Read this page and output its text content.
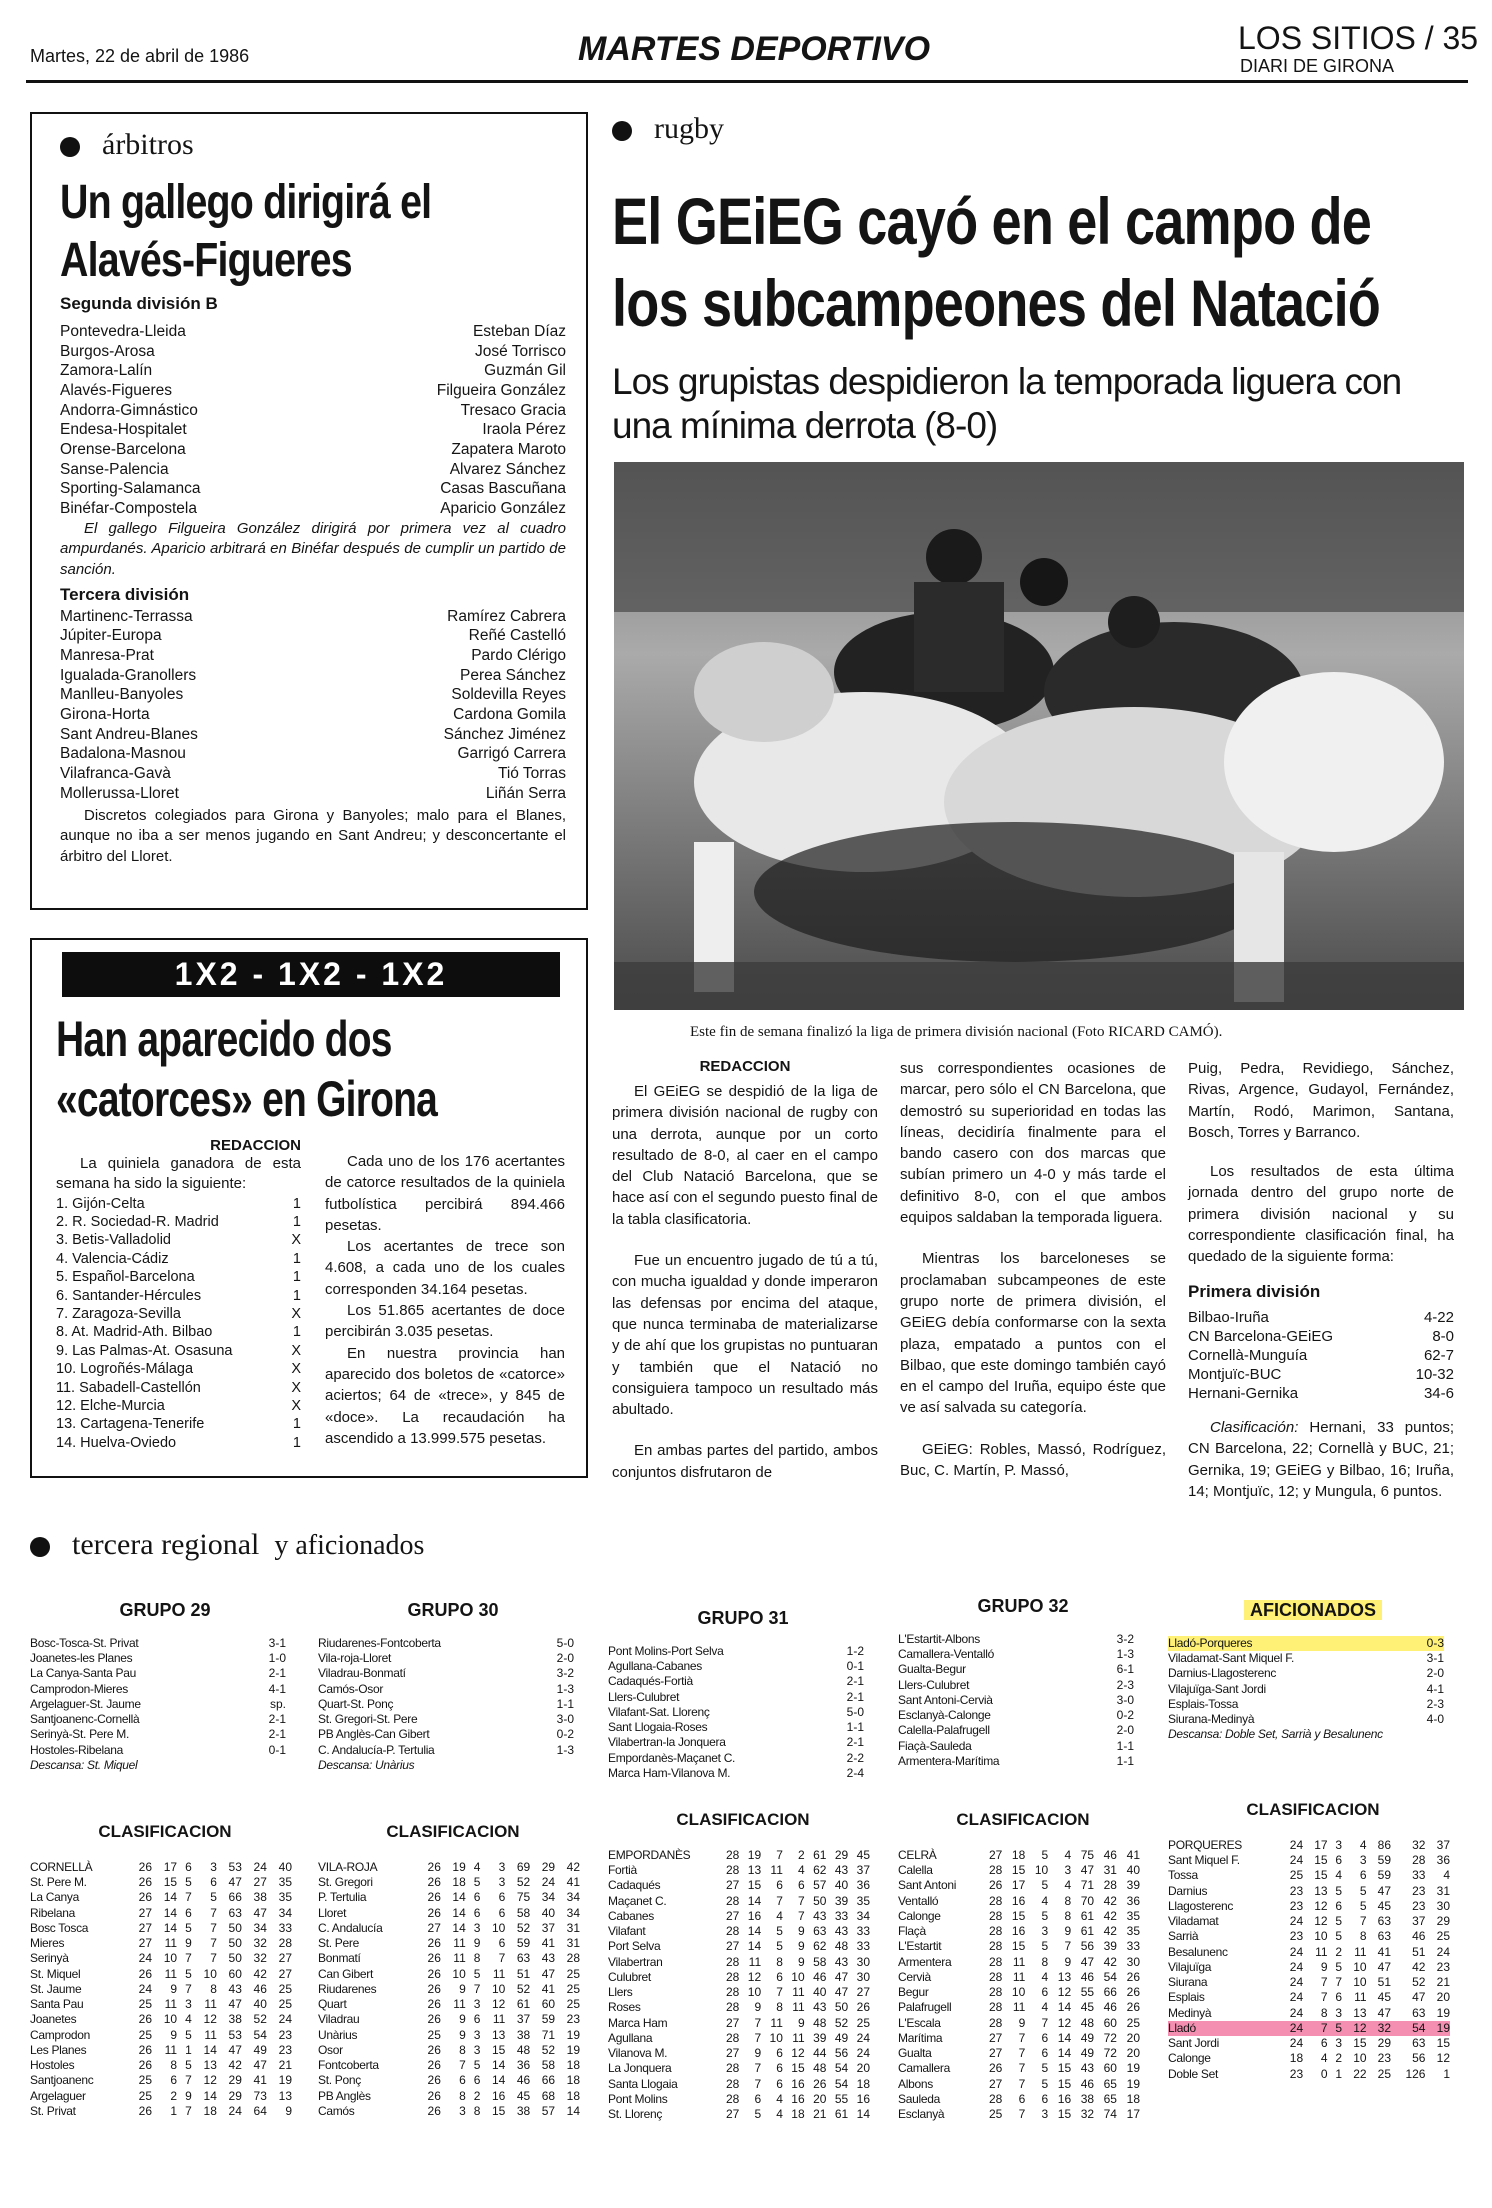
Martes, 22 de abril de 1986	MARTES DEPORTIVO	LOS SITIOS / 35
DIARI DE GIRONA
árbitros
Un gallego dirigirá el Alavés-Figueres
Segunda división B
Pontevedra-Lleida	Esteban Díaz
Burgos-Arosa	José Torrisco
Zamora-Lalín	Guzmán Gil
Alavés-Figueres	Filgueira González
Andorra-Gimnástico	Tresaco Gracia
Endesa-Hospitalet	Iraola Pérez
Orense-Barcelona	Zapatera Maroto
Sanse-Palencia	Alvarez Sánchez
Sporting-Salamanca	Casas Bascuñana
Binéfar-Compostela	Aparicio González
El gallego Filgueira González dirigirá por primera vez al cuadro ampurdanés. Aparicio arbitrará en Binéfar después de cumplir un partido de sanción.
Tercera división
Martinenc-Terrassa	Ramírez Cabrera
Júpiter-Europa	Reñé Castelló
Manresa-Prat	Pardo Clérigo
Igualada-Granollers	Perea Sánchez
Manlleu-Banyoles	Soldevilla Reyes
Girona-Horta	Cardona Gomila
Sant Andreu-Blanes	Sánchez Jiménez
Badalona-Masnou	Garrigó Carrera
Vilafranca-Gavà	Tió Torras
Mollerussa-Lloret	Liñán Serra
Discretos colegiados para Girona y Banyoles; malo para el Blanes, aunque no iba a ser menos jugando en Sant Andreu; y desconcertante el árbitro del Lloret.
1X2 - 1X2 - 1X2
Han aparecido dos «catorces» en Girona
REDACCION
La quiniela ganadora de esta semana ha sido la siguiente:
1. Gijón-Celta	1
2. R. Sociedad-R. Madrid	1
3. Betis-Valladolid	X
4. Valencia-Cádiz	1
5. Español-Barcelona	1
6. Santander-Hércules	1
7. Zaragoza-Sevilla	X
8. At. Madrid-Ath. Bilbao	1
9. Las Palmas-At. Osasuna	X
10. Logroñés-Málaga	X
11. Sabadell-Castellón	X
12. Elche-Murcia	X
13. Cartagena-Tenerife	1
14. Huelva-Oviedo	1
Cada uno de los 176 acertantes de catorce resultados de la quiniela futbolística percibirá 894.466 pesetas.
Los acertantes de trece son 4.608, a cada uno de los cuales corresponden 34.164 pesetas.
Los 51.865 acertantes de doce percibirán 3.035 pesetas.
En nuestra provincia han aparecido dos boletos de «catorce» aciertos; 64 de «trece», y 845 de «doce». La recaudación ha ascendido a 13.999.575 pesetas.
rugby
El GEiEG cayó en el campo de los subcampeones del Natació
Los grupistas despidieron la temporada liguera con una mínima derrota (8-0)
Este fin de semana finalizó la liga de primera división nacional (Foto RICARD CAMÓ).
REDACCION
El GEiEG se despidió de la liga de primera división nacional de rugby con una derrota, aunque por un corto resultado de 8-0, al caer en el campo del Club Natació Barcelona, que se hace así con el segundo puesto final de la tabla clasificatoria.
Fue un encuentro jugado de tú a tú, con mucha igualdad y donde imperaron las defensas por encima del ataque, que nunca terminaba de materializarse y de ahí que los grupistas no puntuaran y también que el Natació no consiguiera tampoco un resultado más abultado.
En ambas partes del partido, ambos conjuntos disfrutaron de
sus correspondientes ocasiones de marcar, pero sólo el CN Barcelona, que demostró su superioridad en todas las líneas, decidiría finalmente para el bando casero con dos marcas que subían primero un 4-0 y más tarde el definitivo 8-0, con el que ambos equipos saldaban la temporada liguera.
Mientras los barceloneses se proclamaban subcampeones de este grupo norte de primera división, el GEiEG debía conformarse con la sexta plaza, empatado a puntos con el Bilbao, que este domingo también cayó en el campo del Iruña, equipo éste que ve así salvada su categoría.
GEiEG: Robles, Massó, Rodríguez, Buc, C. Martín, P. Massó,
Puig, Pedra, Revidiego, Sánchez, Rivas, Argence, Gudayol, Fernández, Martín, Rodó, Marimon, Santana, Bosch, Torres y Barranco.
Los resultados de esta última jornada dentro del grupo norte de primera división nacional y su correspondiente clasificación final, ha quedado de la siguiente forma:
Primera división
Bilbao-Iruña	4-22
CN Barcelona-GEiEG	8-0
Cornellà-Munguía	62-7
Montjuïc-BUC	10-32
Hernani-Gernika	34-6
Clasificación: Hernani, 33 puntos; CN Barcelona, 22; Cornellà y BUC, 21; Gernika, 19; GEiEG y Bilbao, 16; Iruña, 14; Montjuïc, 12; y Mungula, 6 puntos.
tercera regional y aficionados
GRUPO 29
Bosc-Tosca-St. Privat	3-1
Joanetes-les Planes	1-0
La Canya-Santa Pau	2-1
Camprodon-Mieres	4-1
Argelaguer-St. Jaume	sp.
Santjoanenc-Cornellà	2-1
Serinyà-St. Pere M.	2-1
Hostoles-Ribelana	0-1
Descansa: St. Miquel	
CLASIFICACION
CORNELLÀ	26	17	6	3	53	24	40
St. Pere M.	26	15	5	6	47	27	35
La Canya	26	14	7	5	66	38	35
Ribelana	27	14	6	7	63	47	34
Bosc Tosca	27	14	5	7	50	34	33
Mieres	27	11	9	7	50	32	28
Serinyà	24	10	7	7	50	32	27
St. Miquel	26	11	5	10	60	42	27
St. Jaume	24	9	7	8	43	46	25
Santa Pau	25	11	3	11	47	40	25
Joanetes	26	10	4	12	38	52	24
Camprodon	25	9	5	11	53	54	23
Les Planes	26	11	1	14	47	49	23
Hostoles	26	8	5	13	42	47	21
Santjoanenc	25	6	7	12	29	41	19
Argelaguer	25	2	9	14	29	73	13
St. Privat	26	1	7	18	24	64	9
GRUPO 30
Riudarenes-Fontcoberta	5-0
Vila-roja-Lloret	2-0
Viladrau-Bonmatí	3-2
Camós-Osor	1-3
Quart-St. Ponç	1-1
St. Gregori-St. Pere	3-0
PB Anglès-Can Gibert	0-2
C. Andalucía-P. Tertulia	1-3
Descansa: Unàrius	
CLASIFICACION
VILA-ROJA	26	19	4	3	69	29	42
St. Gregori	26	18	5	3	52	24	41
P. Tertulia	26	14	6	6	75	34	34
Lloret	26	14	6	6	58	40	34
C. Andalucía	27	14	3	10	52	37	31
St. Pere	26	11	9	6	59	41	31
Bonmatí	26	11	8	7	63	43	28
Can Gibert	26	10	5	11	51	47	25
Riudarenes	26	9	7	10	52	41	25
Quart	26	11	3	12	61	60	25
Viladrau	26	9	6	11	37	59	23
Unàrius	25	9	3	13	38	71	19
Osor	26	8	3	15	48	52	19
Fontcoberta	26	7	5	14	36	58	18
St. Ponç	26	6	6	14	46	66	18
PB Anglès	26	8	2	16	45	68	18
Camós	26	3	8	15	38	57	14
GRUPO 31
Pont Molins-Port Selva	1-2
Agullana-Cabanes	0-1
Cadaqués-Fortià	2-1
Llers-Culubret	2-1
Vilafant-Sat. Llorenç	5-0
Sant Llogaia-Roses	1-1
Vilabertran-la Jonquera	2-1
Empordanès-Maçanet C.	2-2
Marca Ham-Vilanova M.	2-4
CLASIFICACION
EMPORDANÈS	28	19	7	2	61	29	45
Fortià	28	13	11	4	62	43	37
Cadaqués	27	15	6	6	57	40	36
Maçanet C.	28	14	7	7	50	39	35
Cabanes	27	16	4	7	43	33	34
Vilafant	28	14	5	9	63	43	33
Port Selva	27	14	5	9	62	48	33
Vilabertran	28	11	8	9	58	43	30
Culubret	28	12	6	10	46	47	30
Llers	28	10	7	11	40	47	27
Roses	28	9	8	11	43	50	26
Marca Ham	27	7	11	9	48	52	25
Agullana	28	7	10	11	39	49	24
Vilanova M.	27	9	6	12	44	56	24
La Jonquera	28	7	6	15	48	54	20
Santa Llogaia	28	7	6	16	26	54	18
Pont Molins	28	6	4	16	20	55	16
St. Llorenç	27	5	4	18	21	61	14
GRUPO 32
L'Estartit-Albons	3-2
Camallera-Ventalló	1-3
Gualta-Begur	6-1
Llers-Culubret	2-3
Sant Antoni-Cervià	3-0
Esclanyà-Calonge	0-2
Calella-Palafrugell	2-0
Fiaçà-Sauleda	1-1
Armentera-Marítima	1-1
CLASIFICACION
CELRÀ	27	18	5	4	75	46	41
Calella	28	15	10	3	47	31	40
Sant Antoni	26	17	5	4	71	28	39
Ventalló	28	16	4	8	70	42	36
Calonge	28	15	5	8	61	42	35
Flaçà	28	16	3	9	61	42	35
L'Estartit	28	15	5	7	56	39	33
Armentera	28	11	8	9	47	42	30
Cervià	28	11	4	13	46	54	26
Begur	28	10	6	12	55	66	26
Palafrugell	28	11	4	14	45	46	26
L'Escala	28	9	7	12	48	60	25
Marítima	27	7	6	14	49	72	20
Gualta	27	7	6	14	49	72	20
Camallera	26	7	5	15	43	60	19
Albons	27	7	5	15	46	65	19
Sauleda	28	6	6	16	38	65	18
Esclanyà	25	7	3	15	32	74	17
AFICIONADOS
Lladó-Porqueres	0-3
Viladamat-Sant Miquel F.	3-1
Darnius-Llagosterenc	2-0
Vilajuïga-Sant Jordi	4-1
Esplais-Tossa	2-3
Siurana-Medinyà	4-0
Descansa: Doble Set, Sarrià y Besalunenc	
CLASIFICACION
PORQUERES	24	17	3	4	86	32	37
Sant Miquel F.	24	15	6	3	59	28	36
Tossa	25	15	4	6	59	33	4
Darnius	23	13	5	5	47	23	31
Llagosterenc	23	12	6	5	45	23	30
Viladamat	24	12	5	7	63	37	29
Sarrià	23	10	5	8	63	46	25
Besalunenc	24	11	2	11	41	51	24
Vilajuïga	24	9	5	10	47	42	23
Siurana	24	7	7	10	51	52	21
Esplais	24	7	6	11	45	47	20
Medinyà	24	8	3	13	47	63	19
Lladó	24	7	5	12	32	54	19
Sant Jordi	24	6	3	15	29	63	15
Calonge	18	4	2	10	23	56	12
Doble Set	23	0	1	22	25	126	1
